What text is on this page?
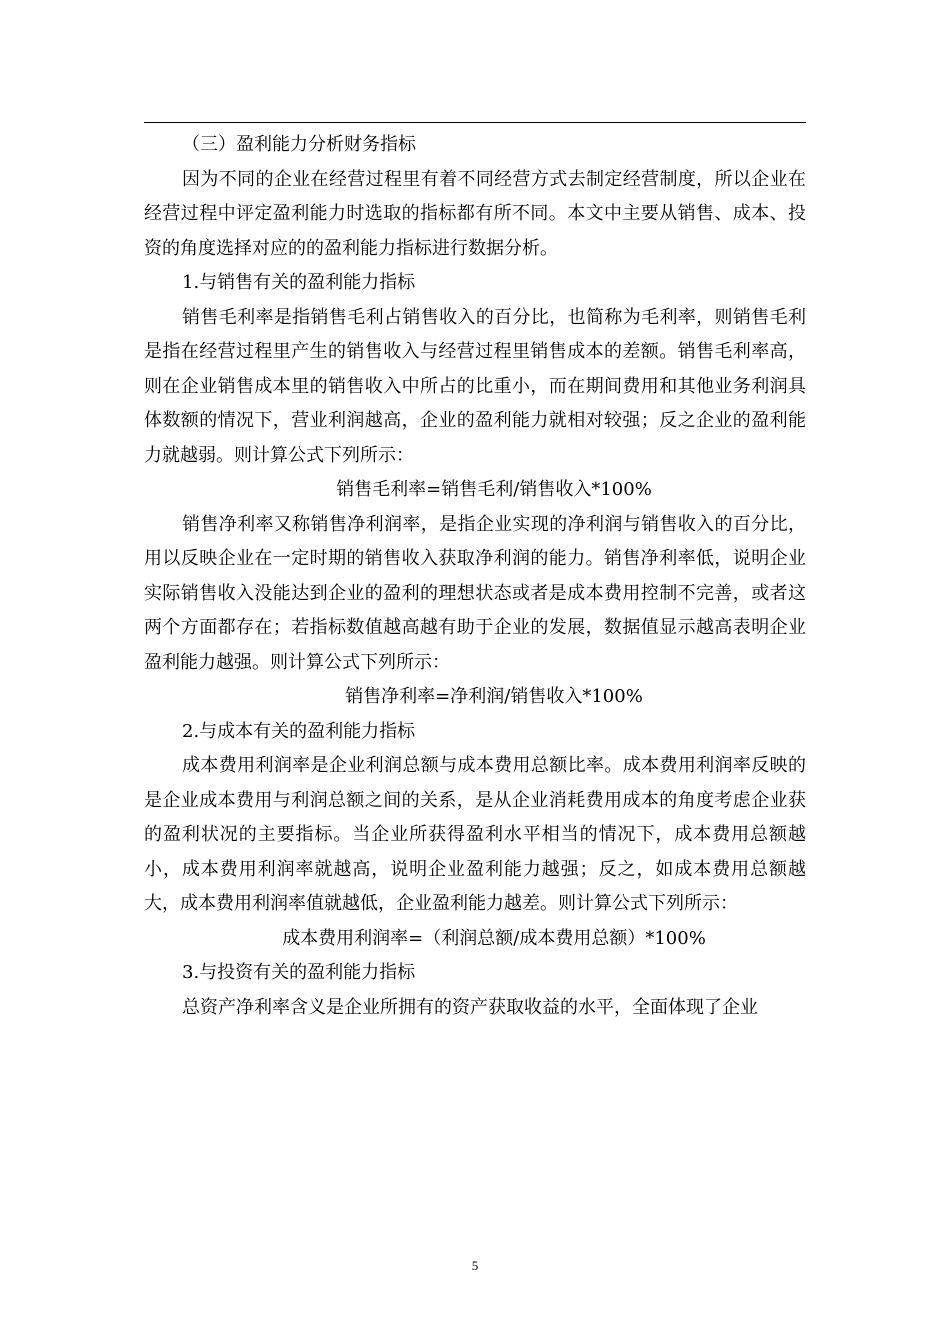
（三）盈利能力分析财务指标

因为不同的企业在经营过程里有着不同经营方式去制定经营制度，所以企业在经营过程中评定盈利能力时选取的指标都有所不同。本文中主要从销售、成本、投资的角度选择对应的的盈利能力指标进行数据分析。

1.与销售有关的盈利能力指标

销售毛利率是指销售毛利占销售收入的百分比，也简称为毛利率，则销售毛利是指在经营过程里产生的销售收入与经营过程里销售成本的差额。销售毛利率高，则在企业销售成本里的销售收入中所占的比重小，而在期间费用和其他业务利润具体数额的情况下，营业利润越高，企业的盈利能力就相对较强；反之企业的盈利能力就越弱。则计算公式下列所示：

销售毛利率=销售毛利/销售收入*100%

销售净利率又称销售净利润率，是指企业实现的净利润与销售收入的百分比，用以反映企业在一定时期的销售收入获取净利润的能力。销售净利率低，说明企业实际销售收入没能达到企业的盈利的理想状态或者是成本费用控制不完善，或者这两个方面都存在；若指标数值越高越有助于企业的发展，数据值显示越高表明企业盈利能力越强。则计算公式下列所示：

销售净利率=净利润/销售收入*100%

2.与成本有关的盈利能力指标

成本费用利润率是企业利润总额与成本费用总额比率。成本费用利润率反映的是企业成本费用与利润总额之间的关系，是从企业消耗费用成本的角度考虑企业获的盈利状况的主要指标。当企业所获得盈利水平相当的情况下，成本费用总额越小，成本费用利润率就越高，说明企业盈利能力越强；反之，如成本费用总额越大，成本费用利润率值就越低，企业盈利能力越差。则计算公式下列所示：

成本费用利润率=（利润总额/成本费用总额）*100%

3.与投资有关的盈利能力指标

总资产净利率含义是企业所拥有的资产获取收益的水平，全面体现了企业

5
